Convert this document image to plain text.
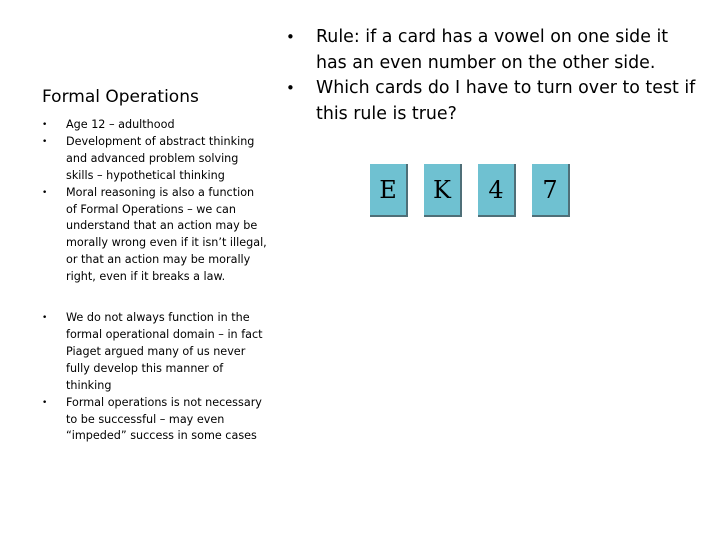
Formal Operations
• Age 12 – adulthood
• Development of abstract thinking and advanced problem solving skills – hypothetical thinking
• Moral reasoning is also a function of Formal Operations – we can understand that an action may be morally wrong even if it isn’t illegal, or that an action may be morally right, even if it breaks a law.
• We do not always function in the formal operational domain – in fact Piaget argued many of us never fully develop this manner of thinking
• Formal operations is not necessary to be successful – may even “impeded” success in some cases
• Rule: if a card has a vowel on one side it has an even number on the other side.
• Which cards do I have to turn over to test if this rule is true?
E	K	4	7
